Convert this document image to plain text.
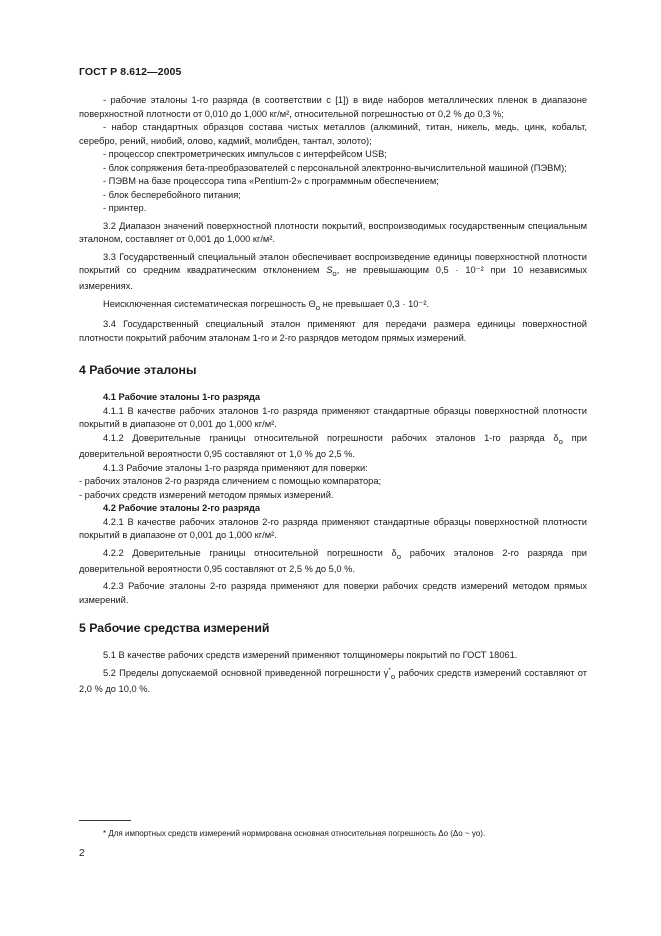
ГОСТ Р 8.612—2005

- рабочие эталоны 1-го разряда (в соответствии с [1]) в виде наборов металлических пленок в диапазоне поверхностной плотности от 0,010 до 1,000 кг/м², относительной погрешностью от 0,2 % до 0,3 %;

- набор стандартных образцов состава чистых металлов (алюминий, титан, никель, медь, цинк, кобальт, серебро, рений, ниобий, олово, кадмий, молибден, тантал, золото);

- процессор спектрометрических импульсов с интерфейсом USB;

- блок сопряжения бета-преобразователей с персональной электронно-вычислительной машиной (ПЭВМ);

- ПЭВМ на базе процессора типа «Pentium-2» с программным обеспечением;

- блок бесперебойного питания;

- принтер.

3.2 Диапазон значений поверхностной плотности покрытий, воспроизводимых государственным специальным эталоном, составляет от 0,001 до 1,000 кг/м².

3.3 Государственный специальный эталон обеспечивает воспроизведение единицы поверхностной плотности покрытий со средним квадратическим отклонением $S_о$, не превышающим 0,5 · 10⁻² при 10 независимых измерениях.

Неисключенная систематическая погрешность $\Theta_о$ не превышает 0,3 · 10⁻².

3.4 Государственный специальный эталон применяют для передачи размера единицы поверхностной плотности покрытий рабочим эталонам 1-го и 2-го разрядов методом прямых измерений.

4 Рабочие эталоны

4.1 Рабочие эталоны 1-го разряда

4.1.1 В качестве рабочих эталонов 1-го разряда применяют стандартные образцы поверхностной плотности покрытий в диапазоне от 0,001 до 1,000 кг/м².

4.1.2 Доверительные границы относительной погрешности рабочих эталонов 1-го разряда $\delta_о$ при доверительной вероятности 0,95 составляют от 1,0 % до 2,5 %.

4.1.3 Рабочие эталоны 1-го разряда применяют для поверки:

- рабочих эталонов 2-го разряда сличением с помощью компаратора;

- рабочих средств измерений методом прямых измерений.

4.2 Рабочие эталоны 2-го разряда

4.2.1 В качестве рабочих эталонов 2-го разряда применяют стандартные образцы поверхностной плотности покрытий в диапазоне от 0,001 до 1,000 кг/м².

4.2.2 Доверительные границы относительной погрешности $\delta_о$ рабочих эталонов 2-го разряда при доверительной вероятности 0,95 составляют от 2,5 % до 5,0 %.

4.2.3 Рабочие эталоны 2-го разряда применяют для поверки рабочих средств измерений методом прямых измерений.

5 Рабочие средства измерений

5.1 В качестве рабочих средств измерений применяют толщиномеры покрытий по ГОСТ 18061.

5.2 Пределы допускаемой основной приведенной погрешности $\gamma^*_о$ рабочих средств измерений составляют от 2,0 % до 10,0 %.

* Для импортных средств измерений нормирована основная относительная погрешность Δо (Δо ~ γо).
2
